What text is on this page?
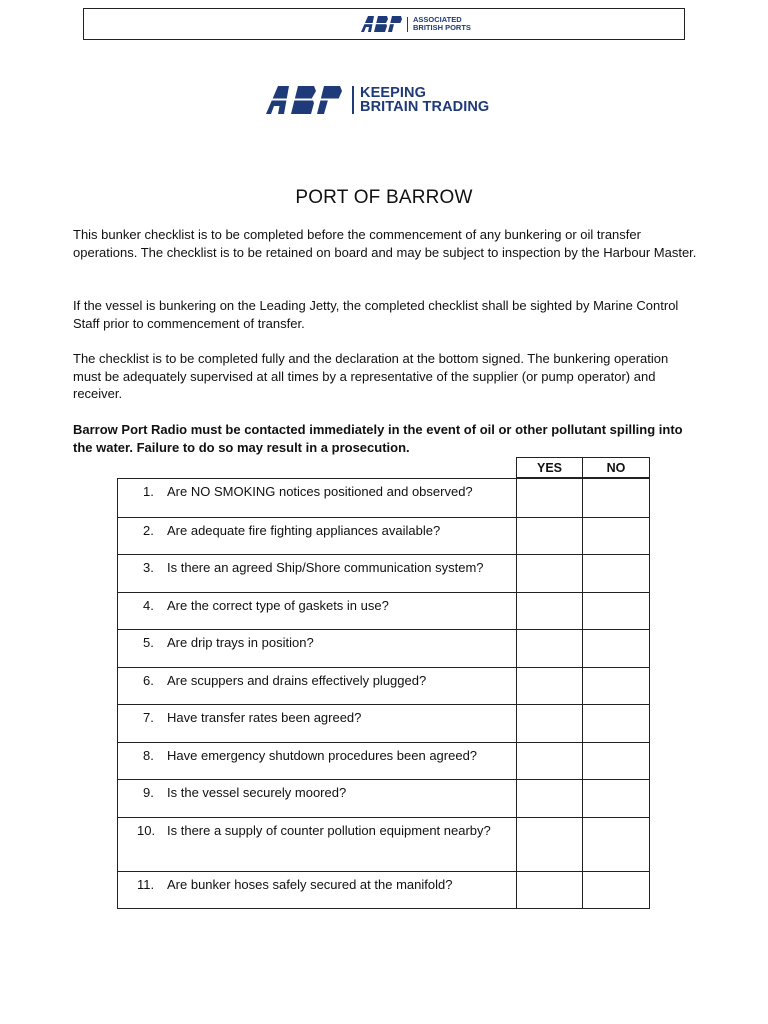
ASSOCIATED
BRITISH PORTS
KEEPING
BRITAIN TRADING
PORT OF BARROW
This bunker checklist is to be completed before the commencement of any bunkering or oil transfer operations. The checklist is to be retained on board and may be subject to inspection by the Harbour Master.
If the vessel is bunkering on the Leading Jetty, the completed checklist shall be sighted by Marine Control Staff prior to commencement of transfer.
The checklist is to be completed fully and the declaration at the bottom signed. The bunkering operation must be adequately supervised at all times by a representative of the supplier (or pump operator) and receiver.
Barrow Port Radio must be contacted immediately in the event of oil or other pollutant spilling into the water. Failure to do so may result in a prosecution.
YES	NO
1. Are NO SMOKING notices positioned and observed?
2. Are adequate fire fighting appliances available?
3. Is there an agreed Ship/Shore communication system?
4. Are the correct type of gaskets in use?
5. Are drip trays in position?
6. Are scuppers and drains effectively plugged?
7. Have transfer rates been agreed?
8. Have emergency shutdown procedures been agreed?
9. Is the vessel securely moored?
10. Is there a supply of counter pollution equipment nearby?
11. Are bunker hoses safely secured at the manifold?
